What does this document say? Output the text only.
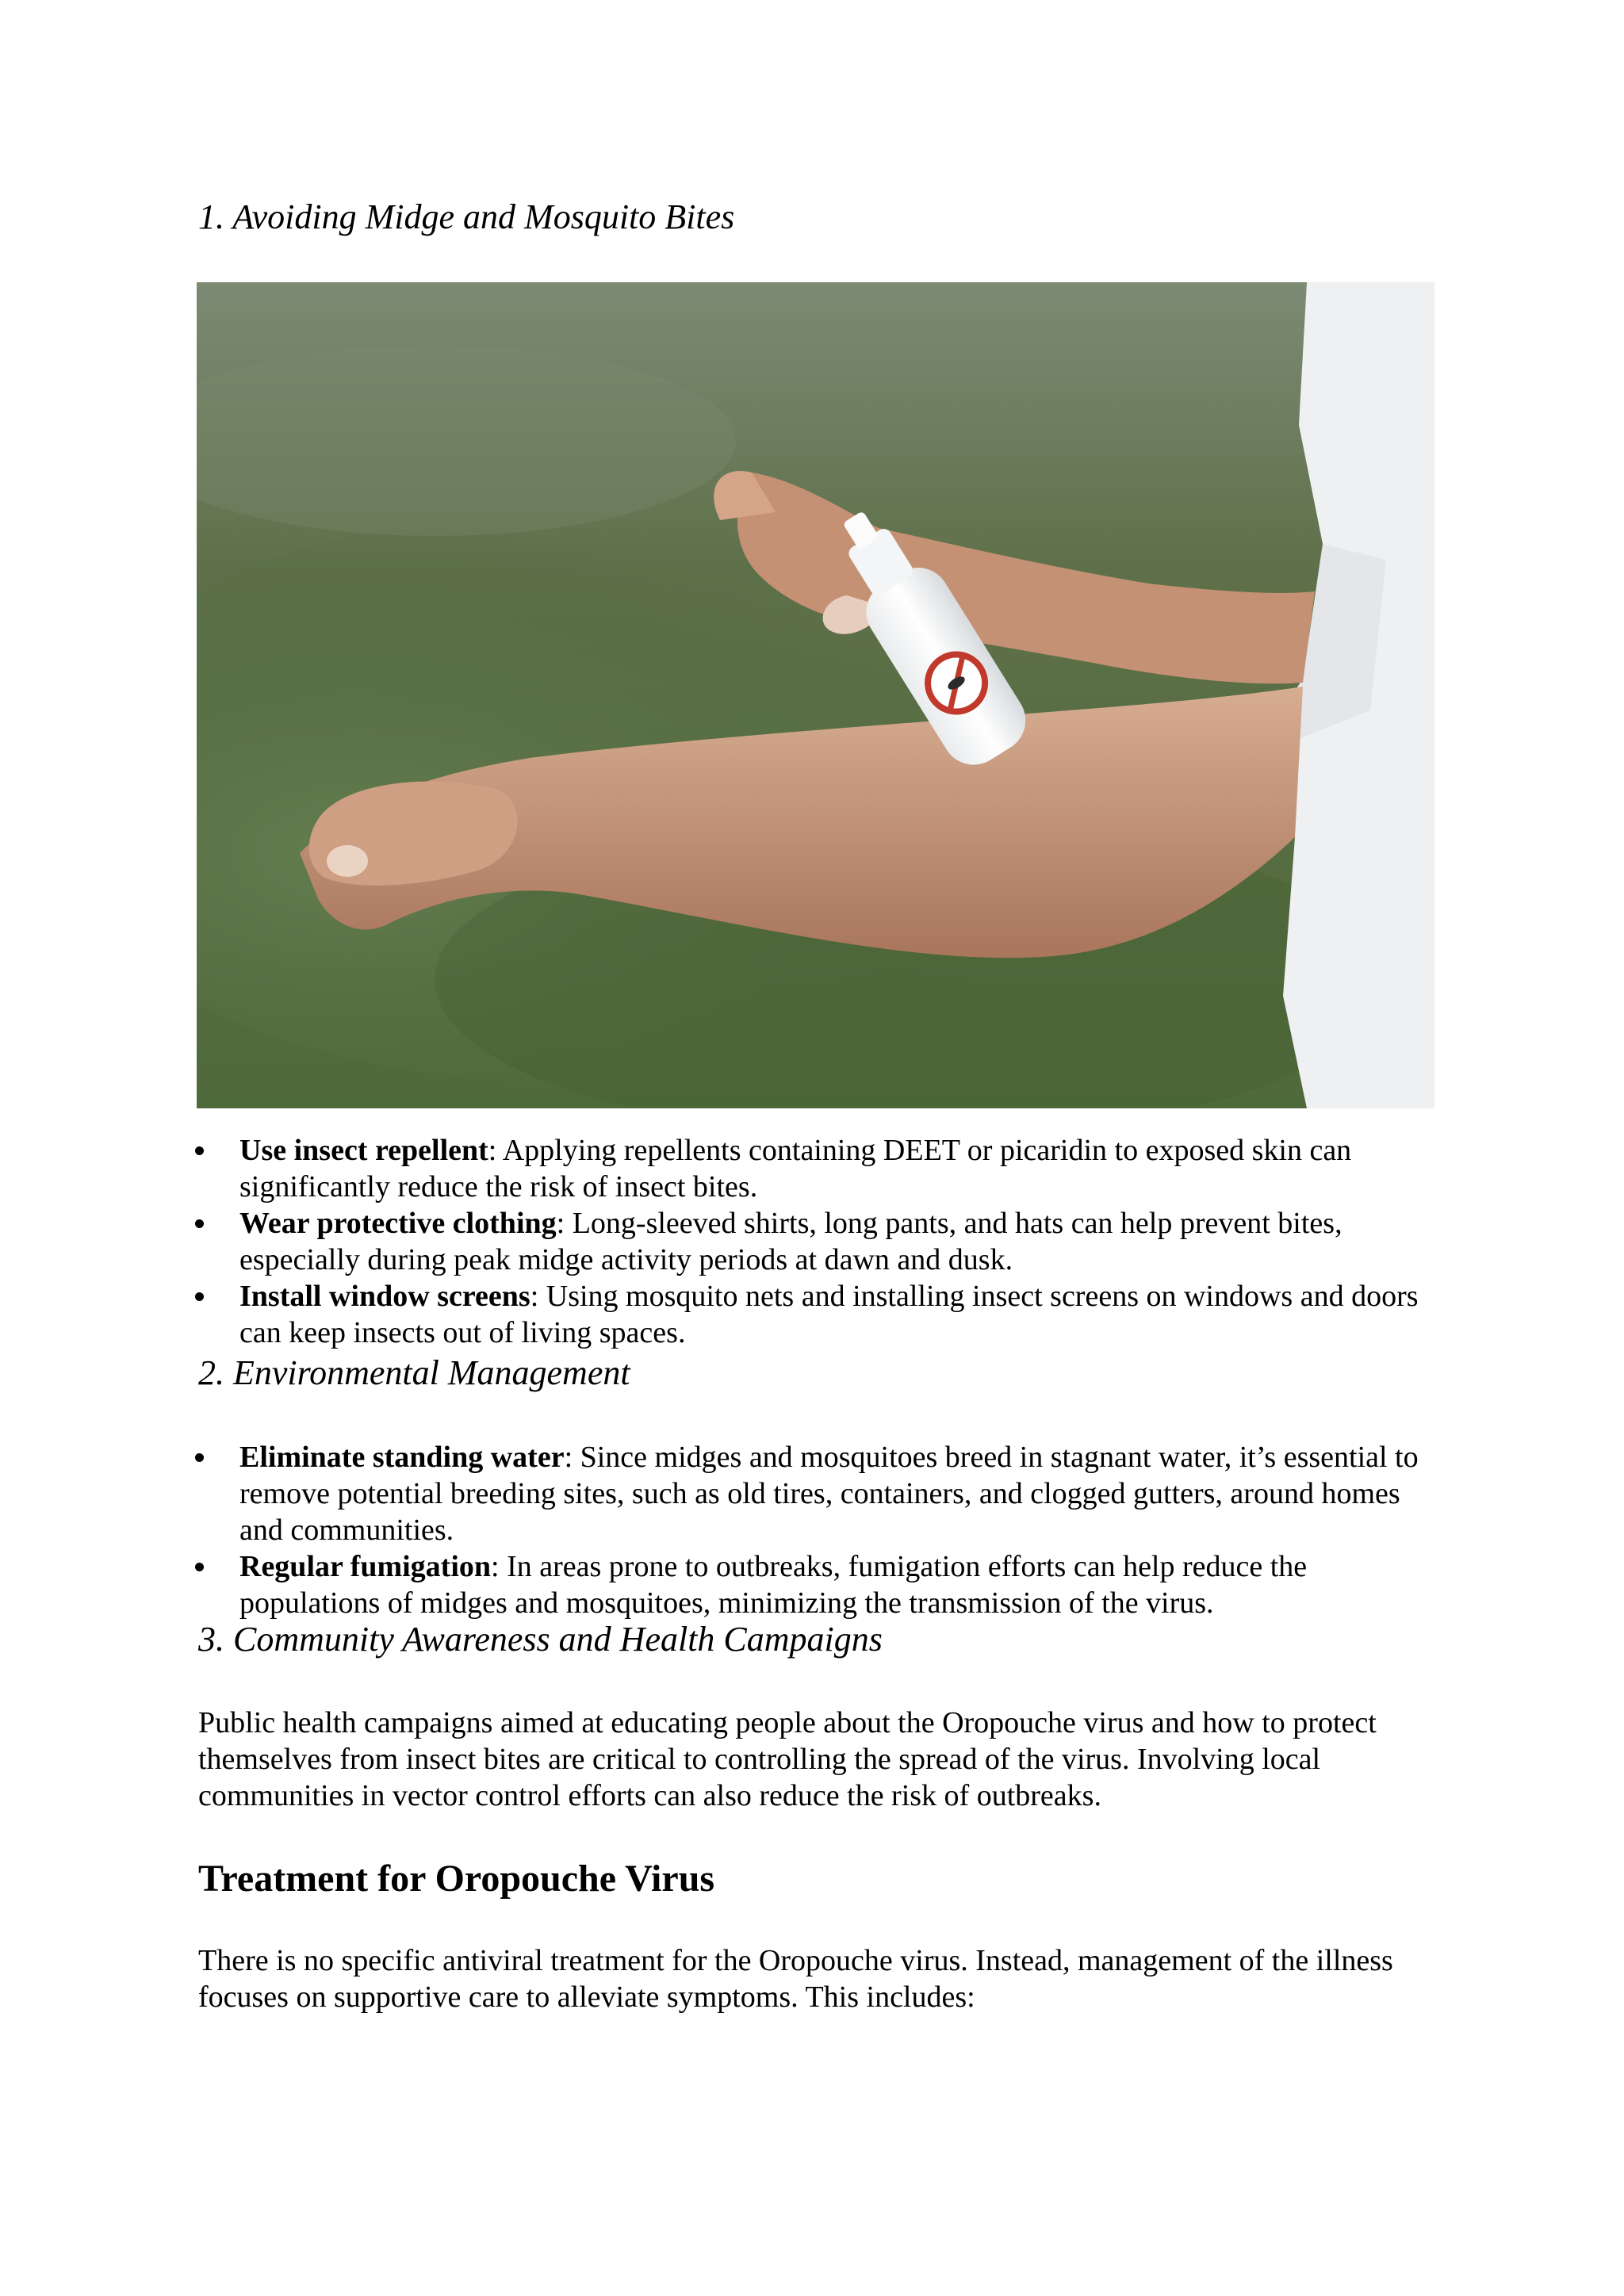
1. Avoiding Midge and Mosquito Bites
Use insect repellent: Applying repellents containing DEET or picaridin to exposed skin can significantly reduce the risk of insect bites.
Wear protective clothing: Long-sleeved shirts, long pants, and hats can help prevent bites, especially during peak midge activity periods at dawn and dusk.
Install window screens: Using mosquito nets and installing insect screens on windows and doors can keep insects out of living spaces.
2. Environmental Management
Eliminate standing water: Since midges and mosquitoes breed in stagnant water, it’s essential to remove potential breeding sites, such as old tires, containers, and clogged gutters, around homes and communities.
Regular fumigation: In areas prone to outbreaks, fumigation efforts can help reduce the populations of midges and mosquitoes, minimizing the transmission of the virus.
3. Community Awareness and Health Campaigns

Public health campaigns aimed at educating people about the Oropouche virus and how to protect themselves from insect bites are critical to controlling the spread of the virus. Involving local communities in vector control efforts can also reduce the risk of outbreaks.

Treatment for Oropouche Virus

There is no specific antiviral treatment for the Oropouche virus. Instead, management of the illness focuses on supportive care to alleviate symptoms. This includes:
